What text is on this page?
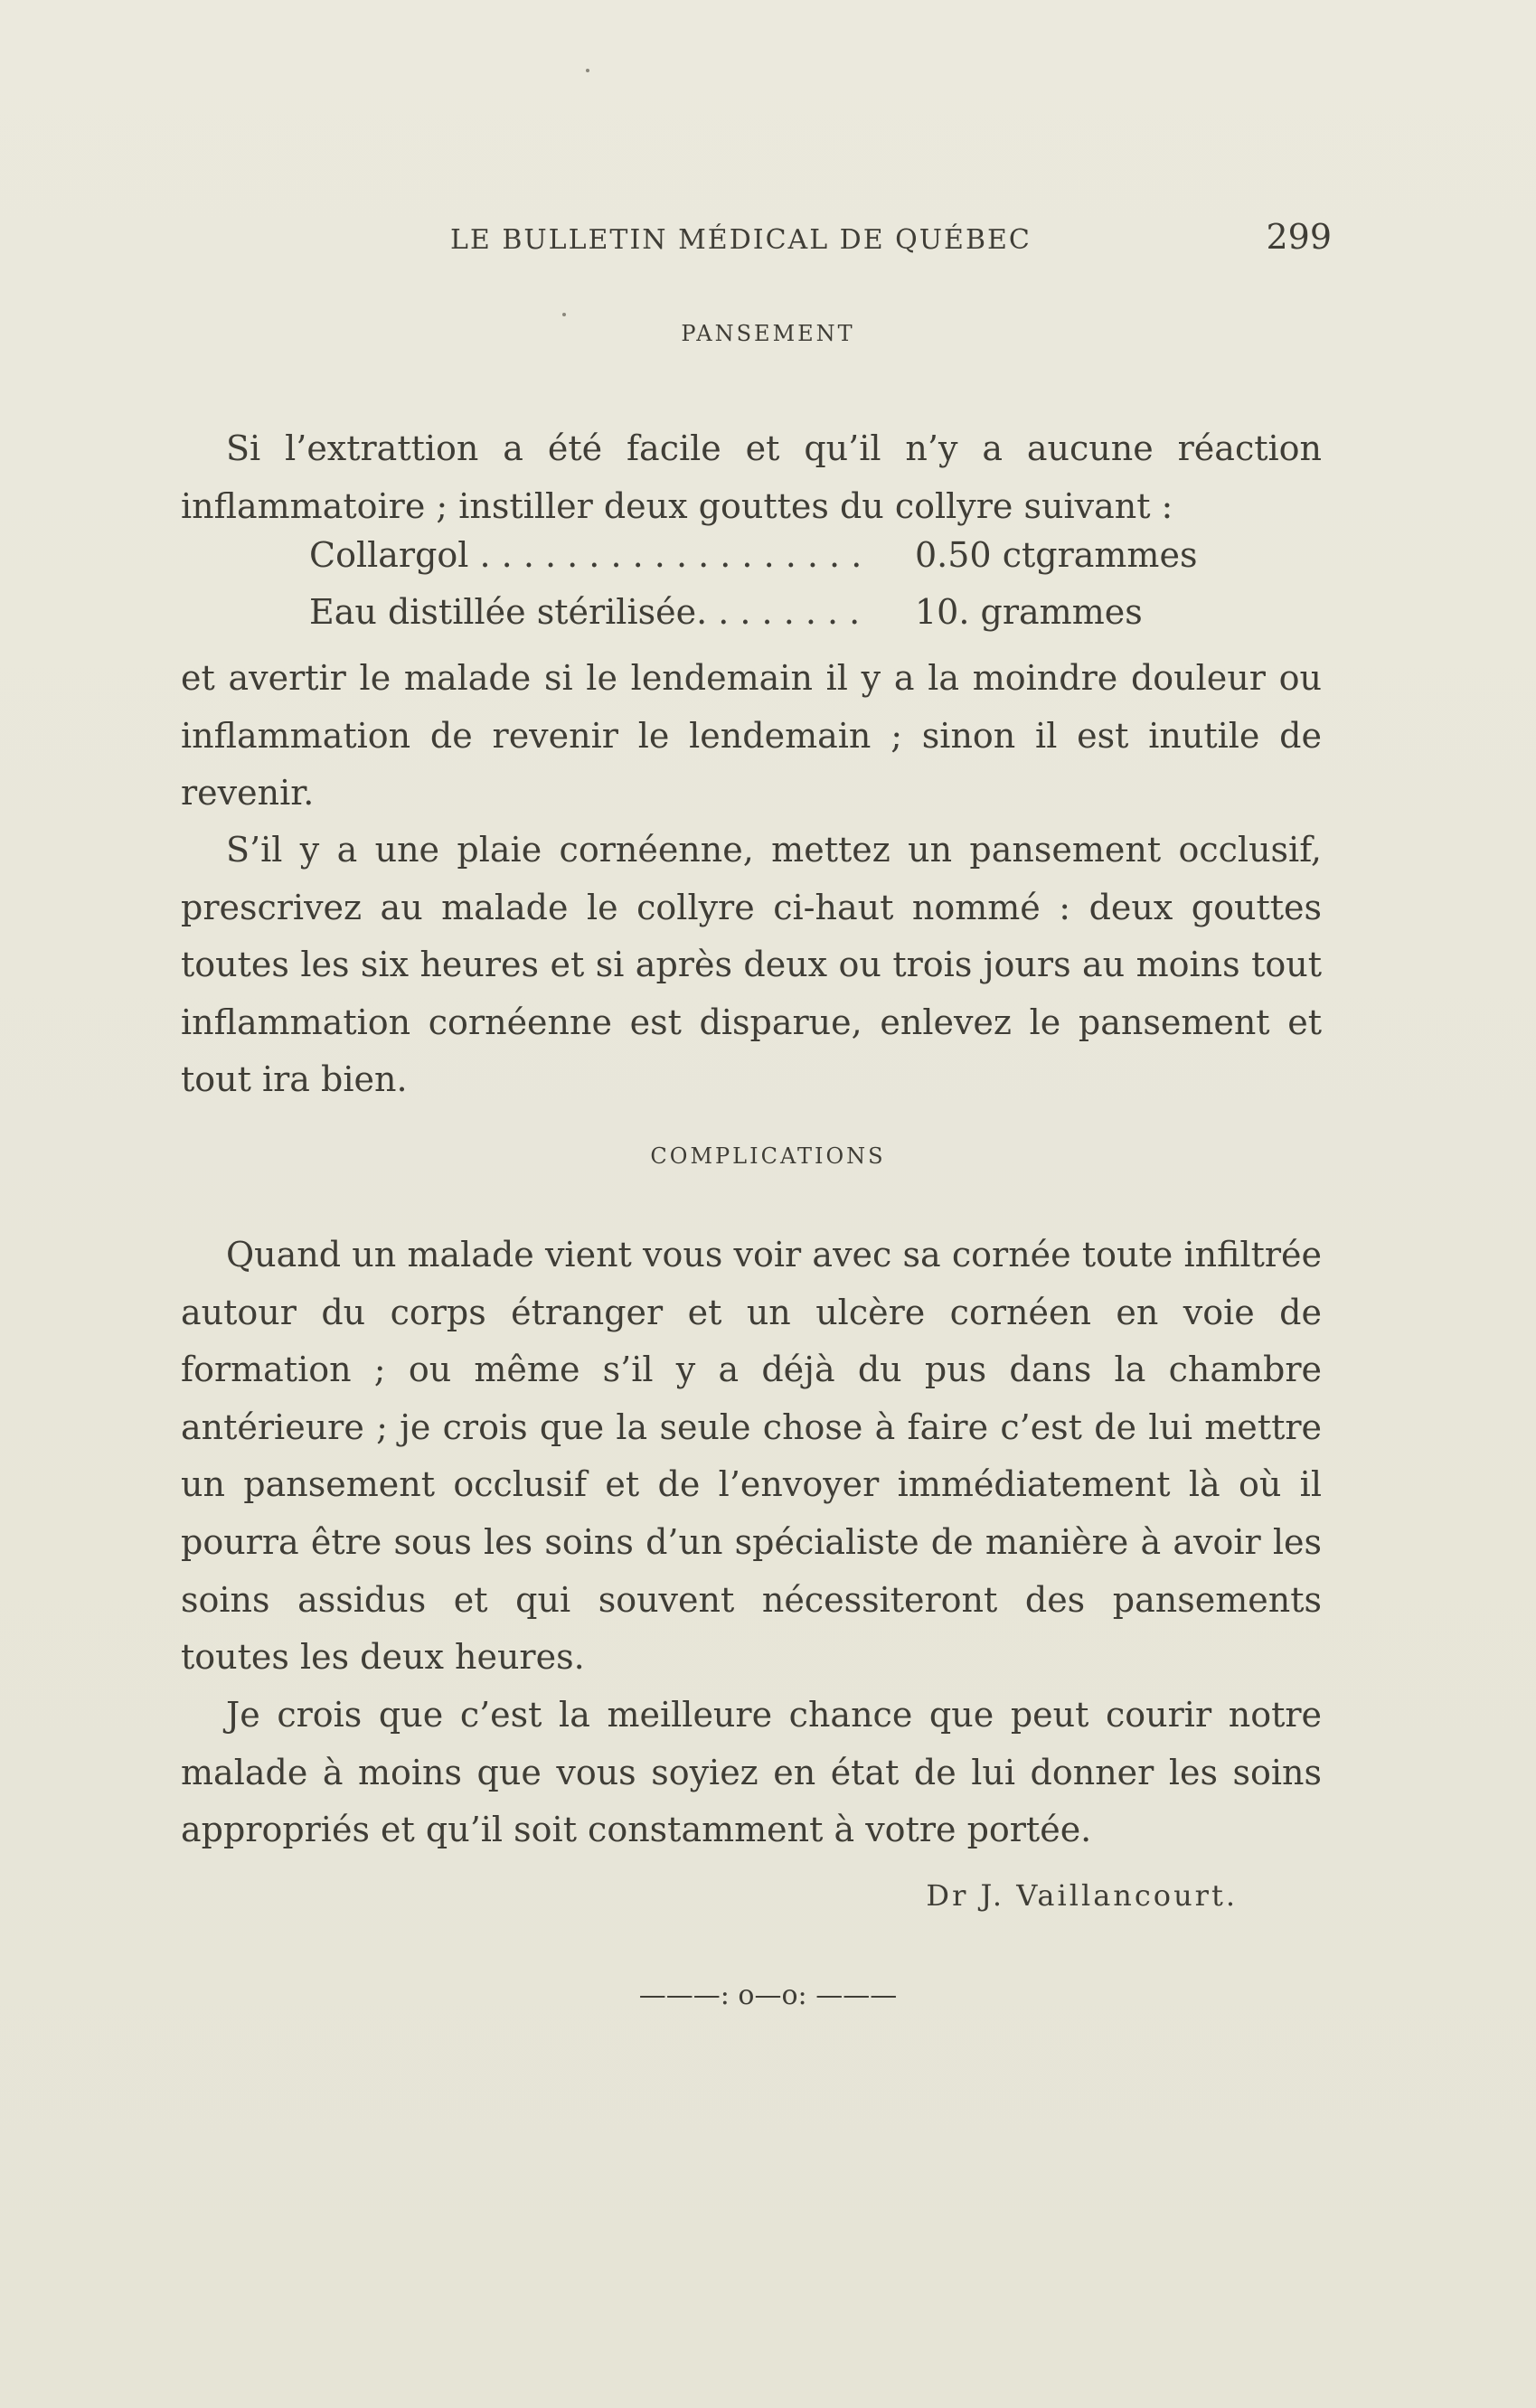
LE BULLETIN MÉDICAL DE QUÉBEC	299
PANSEMENT

Si l’extrattion a été facile et qu’il n’y a aucune réaction inflammatoire ; instiller deux gouttes du collyre suivant :

Collargol . . . . . . . . . . . . . . . . . . 0.50 ctgrammes
Eau distillée stérilisée. . . . . . . . 10. grammes

et avertir le malade si le lendemain il y a la moindre douleur ou inflammation de revenir le lendemain ; sinon il est inutile de revenir.

S’il y a une plaie cornéenne, mettez un pansement occlusif, prescrivez au malade le collyre ci-haut nommé : deux gouttes toutes les six heures et si après deux ou trois jours au moins tout inflammation cornéenne est disparue, enlevez le pansement et tout ira bien.

COMPLICATIONS

Quand un malade vient vous voir avec sa cornée toute infiltrée autour du corps étranger et un ulcère cornéen en voie de formation ; ou même s’il y a déjà du pus dans la chambre antérieure ; je crois que la seule chose à faire c’est de lui mettre un pansement occlusif et de l’envoyer immédiatement là où il pourra être sous les soins d’un spécialiste de manière à avoir les soins assidus et qui souvent nécessiteront des pansements toutes les deux heures.

Je crois que c’est la meilleure chance que peut courir notre malade à moins que vous soyiez en état de lui donner les soins appropriés et qu’il soit constamment à votre portée.

Dr J. Vaillancourt.
———: o—o: ———
